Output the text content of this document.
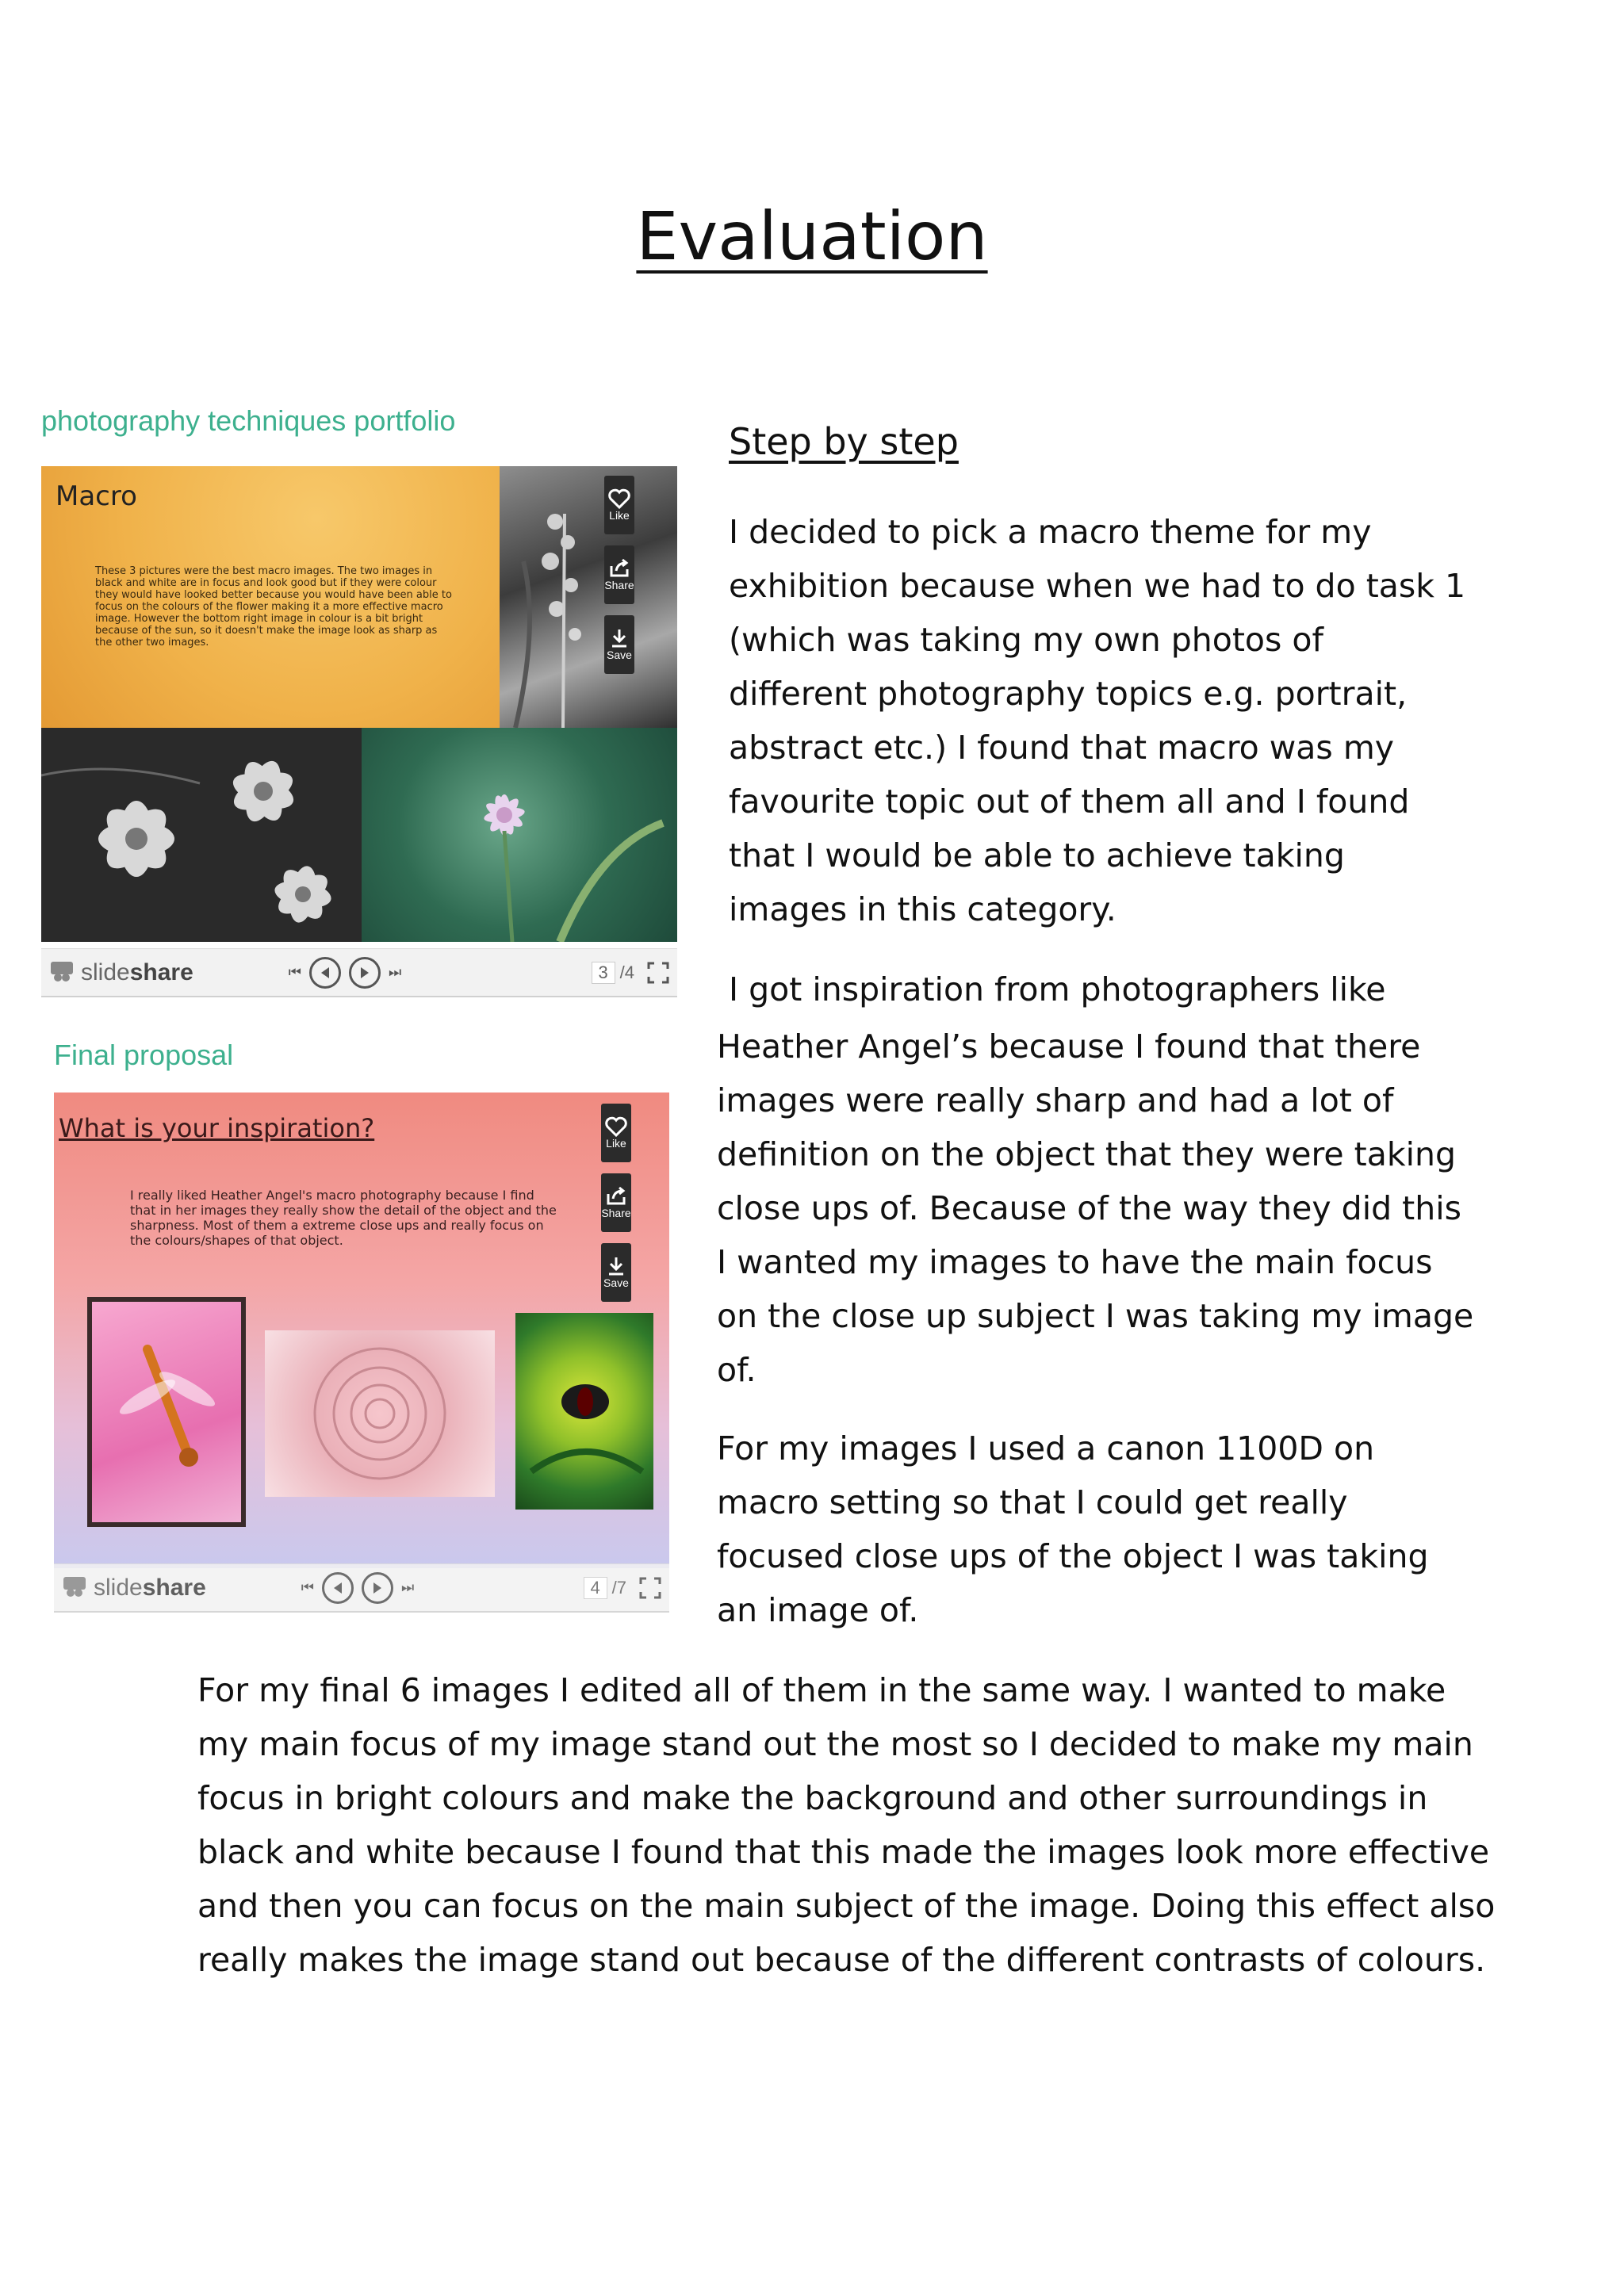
Evaluation
photography techniques portfolio
Macro
These 3 pictures were the best macro images. The two images in black and white are in focus and look good but if they were colour they would have looked better because you would have been able to focus on the colours of the flower making it a more effective macro image. However the bottom right image in colour is a bit bright because of the sun, so it doesn't make the image look as sharp as the other two images.
Like
Share
Save
slideshare	⏮	⏭	3 /4
Final proposal
What is your inspiration?
I really liked Heather Angel's macro photography because I find that in her images they really show the detail of the object and the sharpness. Most of them a extreme close ups and really focus on the colours/shapes of that object.
Like
Share
Save
slideshare	⏮	⏭	4 /7
Step by step

I decided to pick a macro theme for my
exhibition because when we had to do task 1
(which was taking my own photos of
different photography topics e.g. portrait,
abstract etc.) I found that macro was my
favourite topic out of them all and I found
that I would be able to achieve taking
images in this category.

I got inspiration from photographers like

Heather Angel’s because I found that there
images were really sharp and had a lot of
definition on the object that they were taking
close ups of. Because of the way they did this
I wanted my images to have the main focus
on the close up subject I was taking my image
of.

For my images I used a canon 1100D on
macro setting so that I could get really
focused close ups of the object I was taking
an image of.

For my final 6 images I edited all of them in the same way. I wanted to make
my main focus of my image stand out the most so I decided to make my main
focus in bright colours and make the background and other surroundings in
black and white because I found that this made the images look more effective
and then you can focus on the main subject of the image. Doing this effect also
really makes the image stand out because of the different contrasts of colours.
